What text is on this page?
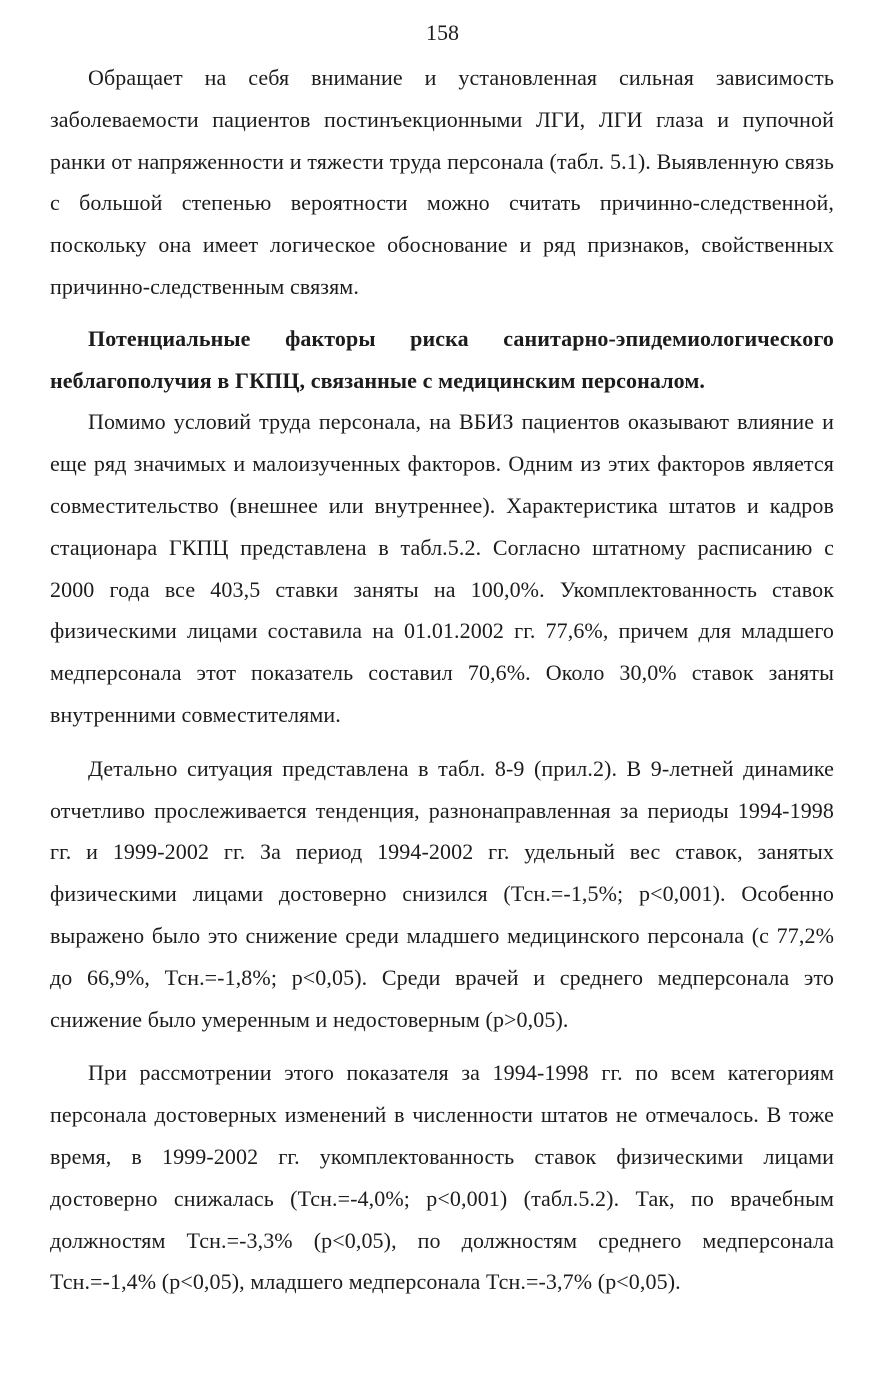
158

Обращает на себя внимание и установленная сильная зависимость заболеваемости пациентов постинъекционными ЛГИ, ЛГИ глаза и пупочной ранки от напряженности и тяжести труда персонала (табл. 5.1). Выявленную связь с большой степенью вероятности можно считать причинно-следственной, поскольку она имеет логическое обоснование и ряд признаков, свойственных причинно-следственным связям.

Потенциальные факторы риска санитарно-эпидемиологического неблагополучия в ГКПЦ, связанные с медицинским персоналом.

Помимо условий труда персонала, на ВБИЗ пациентов оказывают влияние и еще ряд значимых и малоизученных факторов. Одним из этих факторов является совместительство (внешнее или внутреннее). Характеристика штатов и кадров стационара ГКПЦ представлена в табл.5.2. Согласно штатному расписанию с 2000 года все 403,5 ставки заняты на 100,0%. Укомплектованность ставок физическими лицами составила на 01.01.2002 гг. 77,6%, причем для младшего медперсонала этот показатель составил 70,6%. Около 30,0% ставок заняты внутренними совместителями.

Детально ситуация представлена в табл. 8-9 (прил.2). В 9-летней динамике отчетливо прослеживается тенденция, разнонаправленная за периоды 1994-1998 гг. и 1999-2002 гг. За период 1994-2002 гг. удельный вес ставок, занятых физическими лицами достоверно снизился (Тсн.=-1,5%; p<0,001). Особенно выражено было это снижение среди младшего медицинского персонала (с 77,2% до 66,9%, Тсн.=-1,8%; p<0,05). Среди врачей и среднего медперсонала это снижение было умеренным и недостоверным (p>0,05).

При рассмотрении этого показателя за 1994-1998 гг. по всем категориям персонала достоверных изменений в численности штатов не отмечалось. В тоже время, в 1999-2002 гг. укомплектованность ставок физическими лицами достоверно снижалась (Тсн.=-4,0%; p<0,001) (табл.5.2). Так, по врачебным должностям Тсн.=-3,3% (p<0,05), по должностям среднего медперсонала Тсн.=-1,4% (p<0,05), младшего медперсонала Тсн.=-3,7% (p<0,05).
